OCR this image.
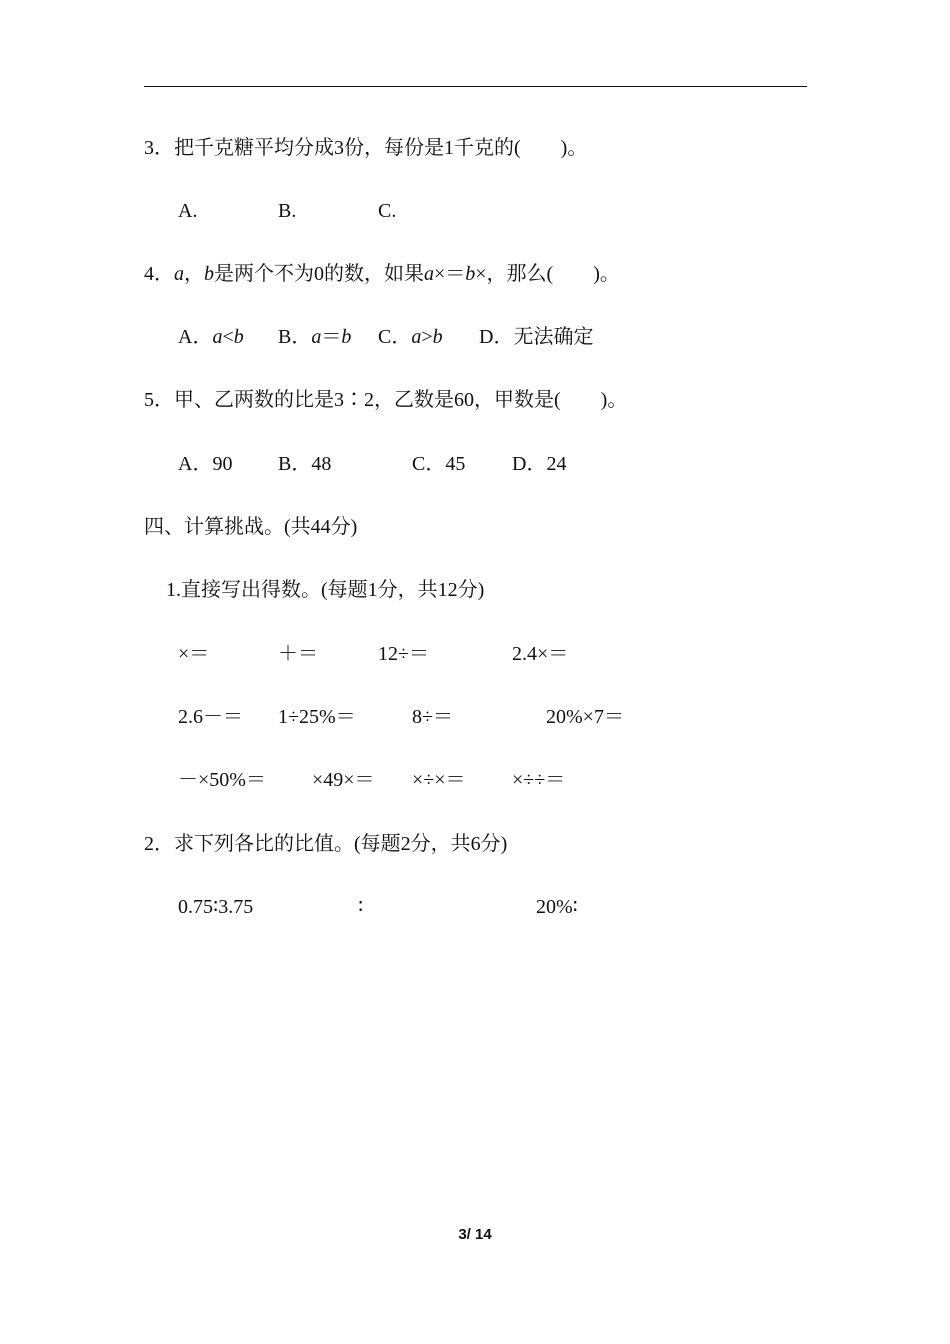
3．把千克糖平均分成3份，每份是1千克的(　　)。
A.	B.	C.
4．a，b是两个不为0的数，如果a×＝b×，那么(　　)。
A．a<b B．a＝b C．a>b D．无法确定
5．甲、乙两数的比是3∶2，乙数是60，甲数是(　　)。
A．90 B．48	C．45 D．24
四、计算挑战。(共44分)
1.直接写出得数。(每题1分，共12分)
×＝	＋＝	12÷＝	2.4×＝
2.6－＝ 1÷25%＝	8÷＝	20%×7＝
－×50%＝ ×49×＝ ×÷×＝ ×÷÷＝
2．求下列各比的比值。(每题2分，共6分)
0.75∶3.75	∶	20%∶
3/ 14
